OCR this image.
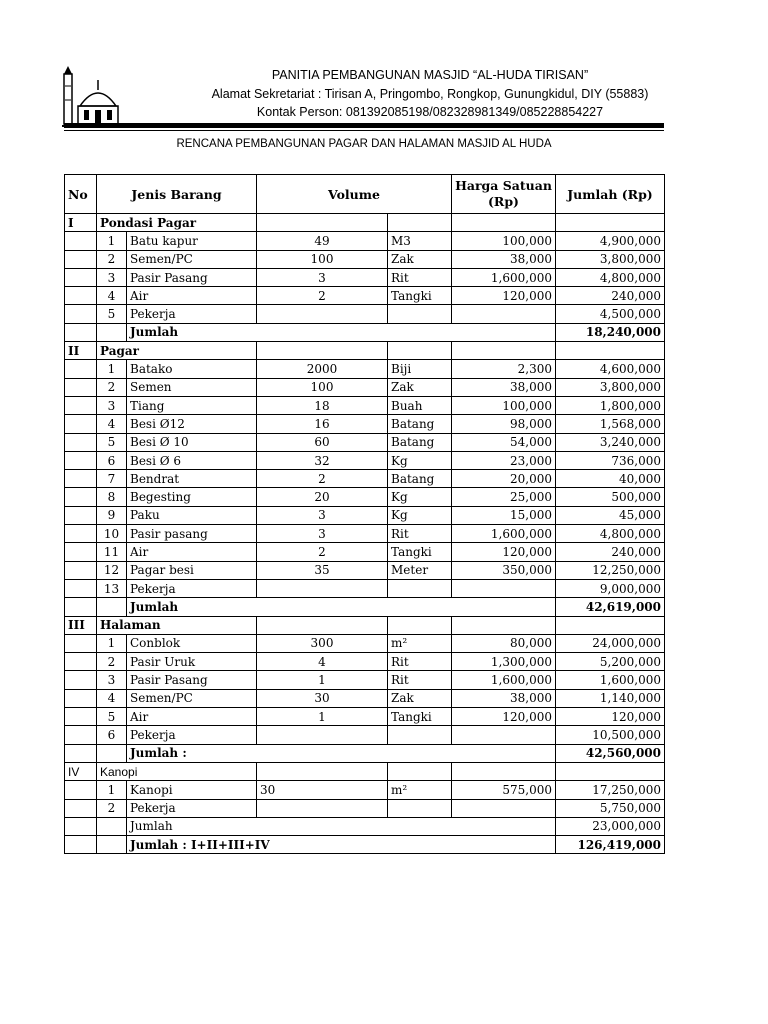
PANITIA PEMBANGUNAN MASJID “AL-HUDA TIRISAN”
Alamat Sekretariat : Tirisan A, Pringombo, Rongkop, Gunungkidul, DIY (55883)
Kontak Person: 081392085198/082328981349/085228854227
RENCANA PEMBANGUNAN PAGAR DAN HALAMAN MASJID AL HUDA
No	Jenis Barang		Volume		Harga Satuan (Rp)	Jumlah (Rp)
I	Pondasi Pagar					
	1	Batu kapur	49	M3	100,000	4,900,000
	2	Semen/PC	100	Zak	38,000	3,800,000
	3	Pasir Pasang	3	Rit	1,600,000	4,800,000
	4	Air	2	Tangki	120,000	240,000
	5	Pekerja				4,500,000
		Jumlah				18,240,000
II	Pagar					
	1	Batako	2000	Biji	2,300	4,600,000
	2	Semen	100	Zak	38,000	3,800,000
	3	Tiang	18	Buah	100,000	1,800,000
	4	Besi Ø12	16	Batang	98,000	1,568,000
	5	Besi Ø 10	60	Batang	54,000	3,240,000
	6	Besi Ø 6	32	Kg	23,000	736,000
	7	Bendrat	2	Batang	20,000	40,000
	8	Begesting	20	Kg	25,000	500,000
	9	Paku	3	Kg	15,000	45,000
	10	Pasir pasang	3	Rit	1,600,000	4,800,000
	11	Air	2	Tangki	120,000	240,000
	12	Pagar besi	35	Meter	350,000	12,250,000
	13	Pekerja				9,000,000
		Jumlah				42,619,000
III	Halaman					
	1	Conblok	300	m²	80,000	24,000,000
	2	Pasir Uruk	4	Rit	1,300,000	5,200,000
	3	Pasir Pasang	1	Rit	1,600,000	1,600,000
	4	Semen/PC	30	Zak	38,000	1,140,000
	5	Air	1	Tangki	120,000	120,000
	6	Pekerja				10,500,000
		Jumlah :				42,560,000
IV	Kanopi					
	1	Kanopi	30	m²	575,000	17,250,000
	2	Pekerja				5,750,000
		Jumlah				23,000,000
		Jumlah : I+II+III+IV				126,419,000
